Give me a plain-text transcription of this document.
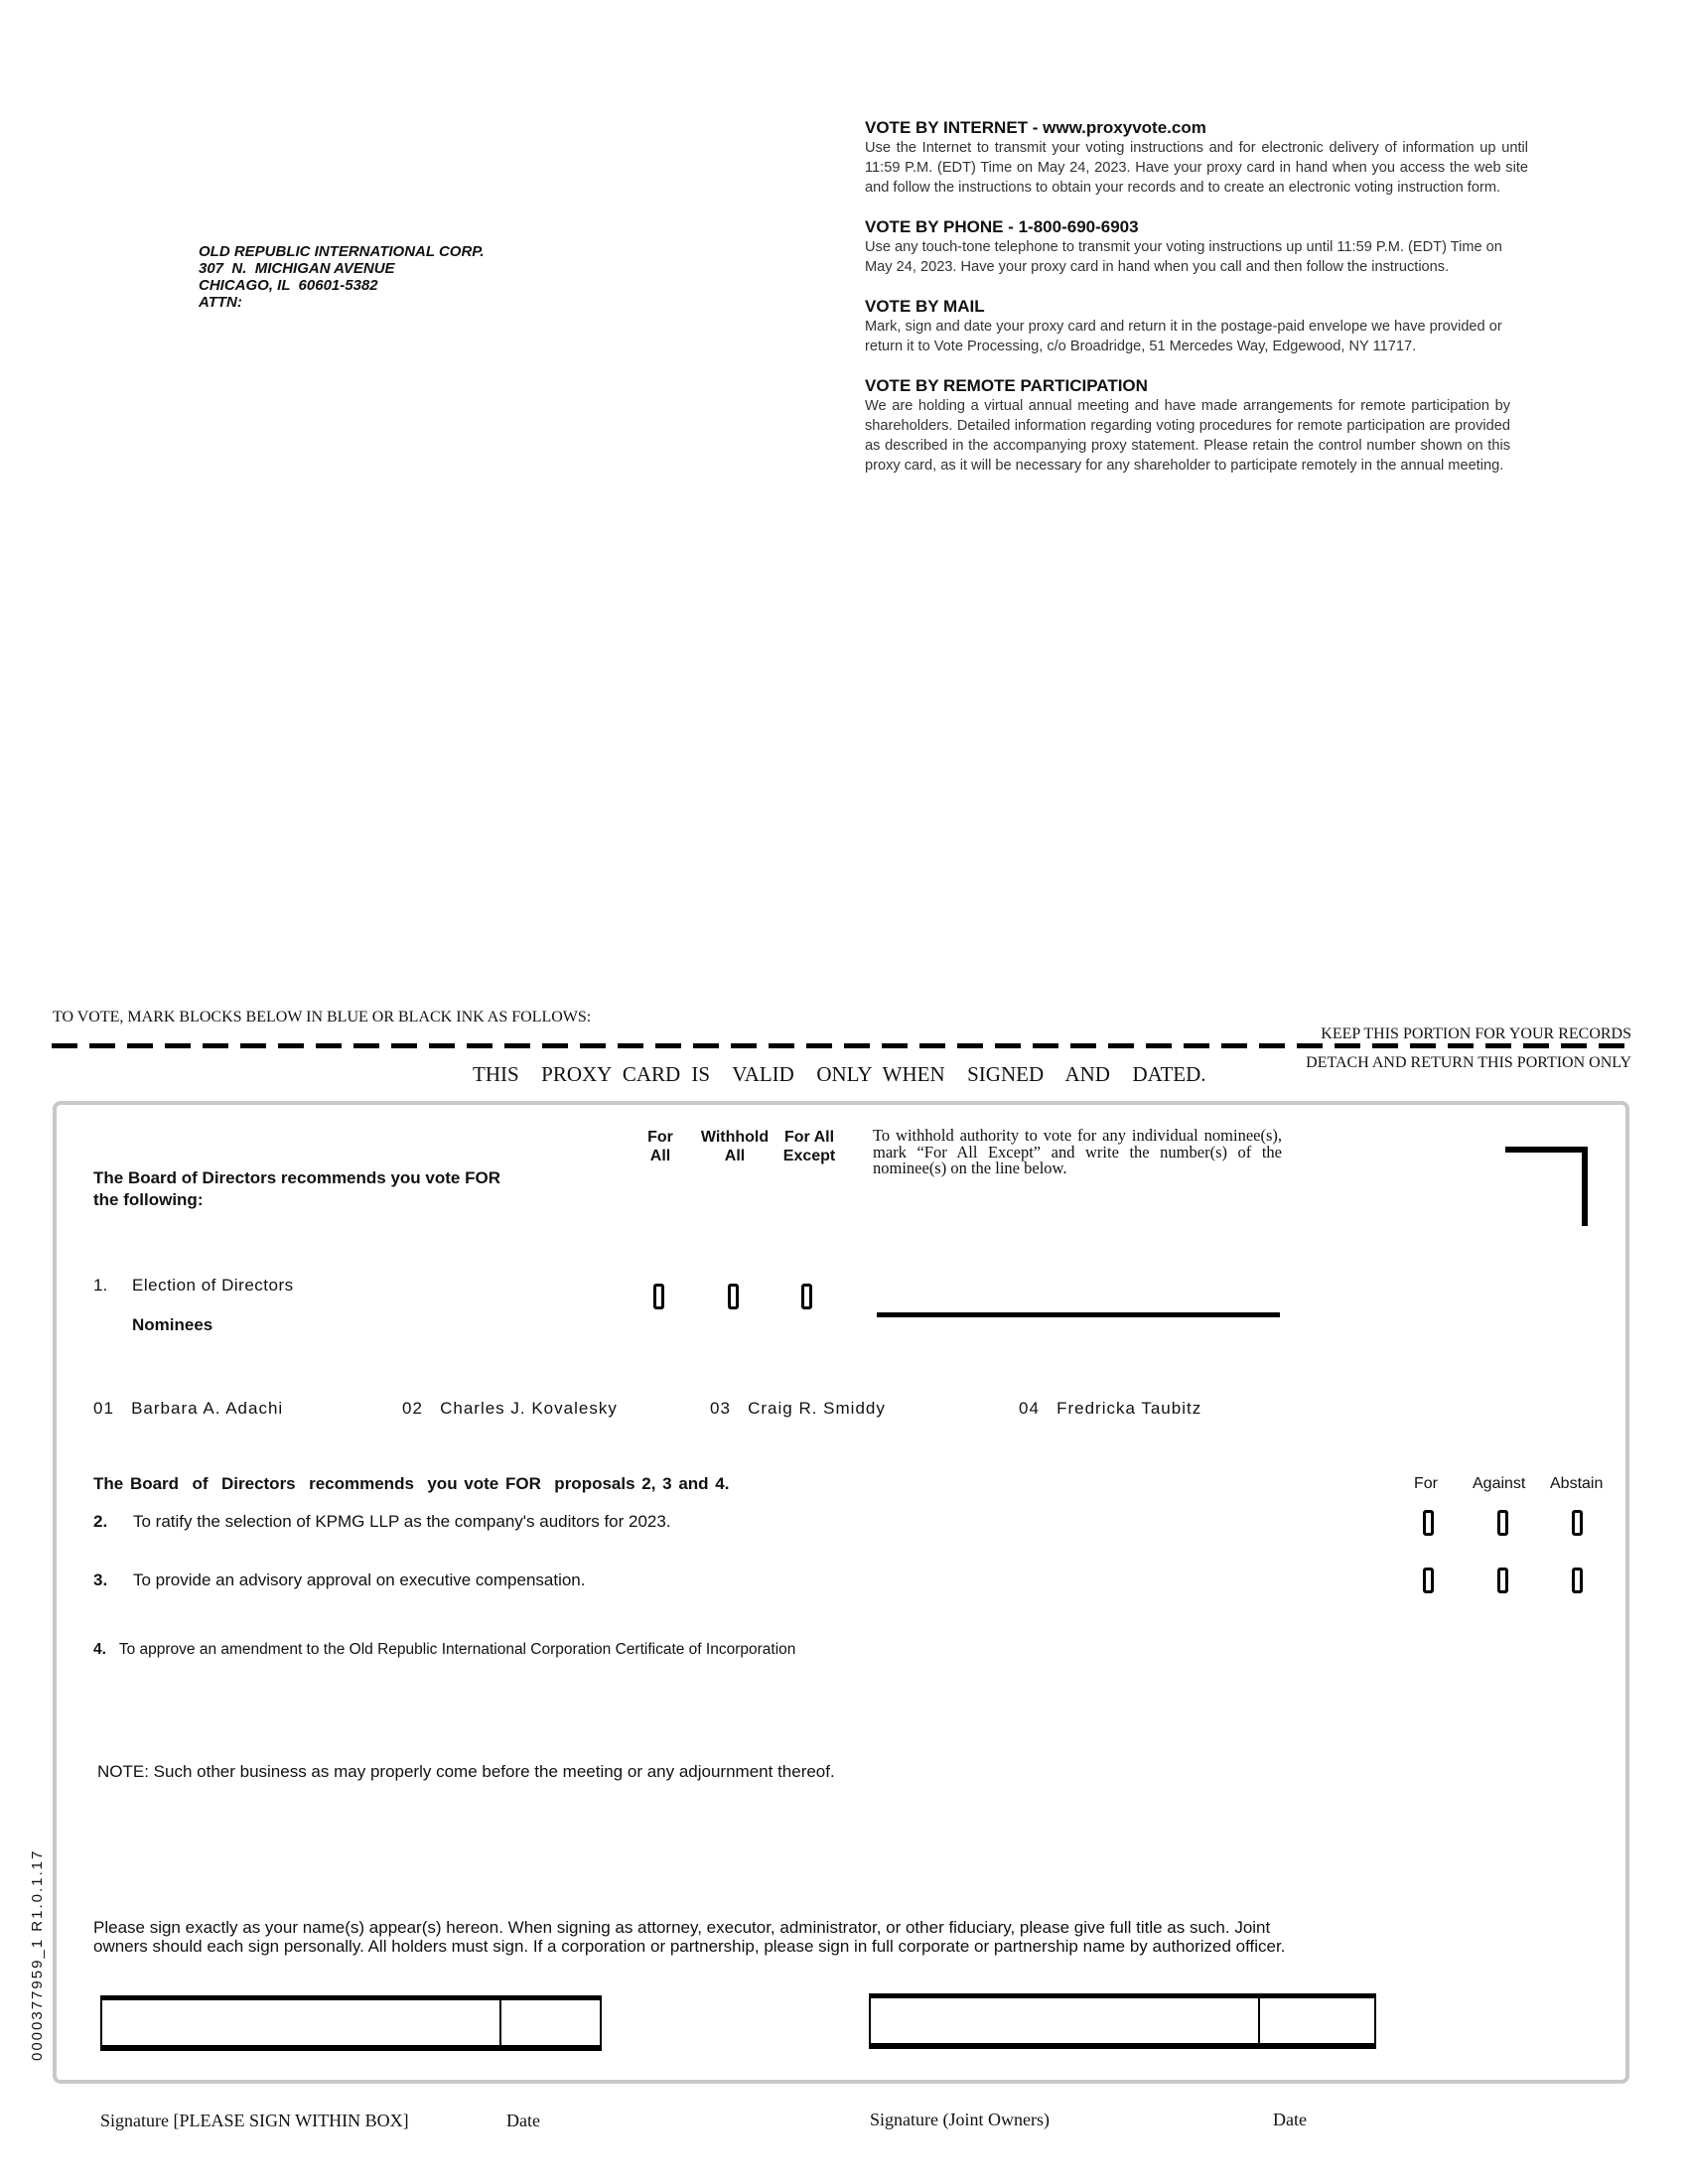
OLD REPUBLIC INTERNATIONAL CORP.
307  N.  MICHIGAN AVENUE
CHICAGO, IL  60601-5382
ATTN:
VOTE BY INTERNET - www.proxyvote.com
Use the Internet to transmit your voting instructions and for electronic delivery of information up until 11:59 P.M. (EDT) Time on May 24, 2023. Have your proxy card in hand when you access the web site and follow the instructions to obtain your records and to create an electronic voting instruction form.
VOTE BY PHONE - 1-800-690-6903
Use any touch-tone telephone to transmit your voting instructions up until 11:59 P.M. (EDT) Time on May 24, 2023. Have your proxy card in hand when you call and then follow the instructions.
VOTE BY MAIL
Mark, sign and date your proxy card and return it in the postage-paid envelope we have provided or return it to Vote Processing, c/o Broadridge, 51 Mercedes Way, Edgewood, NY 11717.
VOTE BY REMOTE PARTICIPATION
We are holding a virtual annual meeting and have made arrangements for remote participation by shareholders. Detailed information regarding voting procedures for remote participation are provided as described in the accompanying proxy statement. Please retain the control number shown on this proxy card, as it will be necessary for any shareholder to participate remotely in the annual meeting.
TO VOTE, MARK BLOCKS BELOW IN BLUE OR BLACK INK AS FOLLOWS:
KEEP THIS PORTION FOR YOUR RECORDS
THIS  PROXY CARD IS  VALID  ONLY WHEN  SIGNED  AND  DATED.	DETACH AND RETURN THIS PORTION ONLY
The Board of Directors recommends you vote FOR the following:
For All
Withhold All
For All Except
To withhold authority to vote for any individual nominee(s), mark “For All Except” and write the number(s) of the nominee(s) on the line below.
1. Election of Directors
Nominees
01 Barbara A. Adachi	02 Charles J. Kovalesky	03 Craig R. Smiddy	04 Fredricka Taubitz
The Board  of  Directors  recommends  you vote FOR  proposals 2, 3 and 4.	For Against Abstain
2. To ratify the selection of KPMG LLP as the company's auditors for 2023.
3. To provide an advisory approval on executive compensation.
4. To approve an amendment to the Old Republic International Corporation Certificate of Incorporation
NOTE: Such other business as may properly come before the meeting or any adjournment thereof.
0000377959_1 R1.0.1.17	Please sign exactly as your name(s) appear(s) hereon. When signing as attorney, executor, administrator, or other fiduciary, please give full title as such. Joint owners should each sign personally. All holders must sign. If a corporation or partnership, please sign in full corporate or partnership name by authorized officer.
Signature [PLEASE SIGN WITHIN BOX]	Date	Signature (Joint Owners)	Date
